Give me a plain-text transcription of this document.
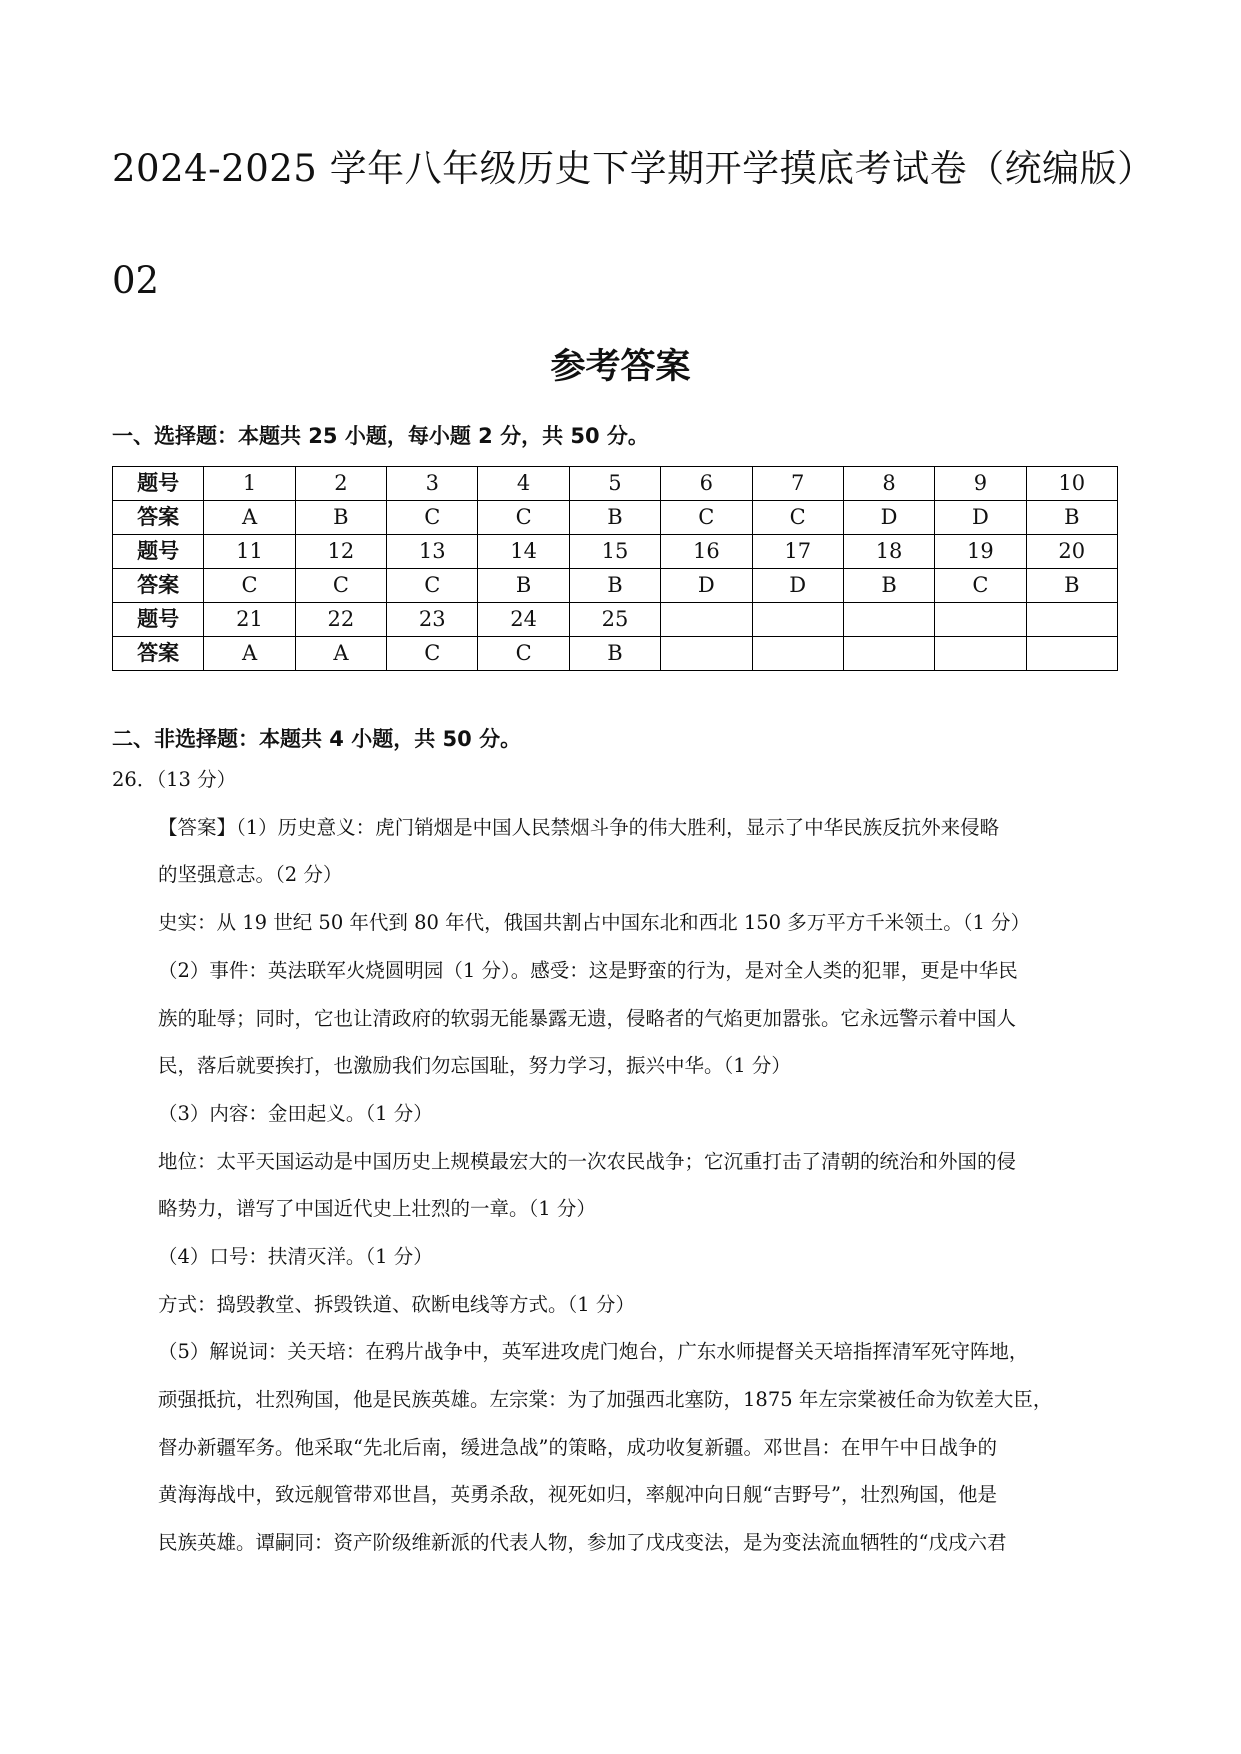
2024-2025 学年八年级历史下学期开学摸底考试卷（统编版）
02
参考答案
一、选择题：本题共 25 小题，每小题 2 分，共 50 分。
题号	1	2	3	4	5	6	7	8	9	10
答案	A	B	C	C	B	C	C	D	D	B
题号	11	12	13	14	15	16	17	18	19	20
答案	C	C	C	B	B	D	D	B	C	B
题号	21	22	23	24	25					
答案	A	A	C	C	B					
二、非选择题：本题共 4 小题，共 50 分。
26．（13 分）
【答案】（1）历史意义：虎门销烟是中国人民禁烟斗争的伟大胜利，显示了中华民族反抗外来侵略
的坚强意志。（2 分）
史实：从 19 世纪 50 年代到 80 年代，俄国共割占中国东北和西北 150 多万平方千米领土。（1 分）
（2）事件：英法联军火烧圆明园（1 分）。感受：这是野蛮的行为，是对全人类的犯罪，更是中华民
族的耻辱；同时，它也让清政府的软弱无能暴露无遗，侵略者的气焰更加嚣张。它永远警示着中国人
民，落后就要挨打，也激励我们勿忘国耻，努力学习，振兴中华。（1 分）
（3）内容：金田起义。（1 分）
地位：太平天国运动是中国历史上规模最宏大的一次农民战争；它沉重打击了清朝的统治和外国的侵
略势力，谱写了中国近代史上壮烈的一章。（1 分）
（4）口号：扶清灭洋。（1 分）
方式：捣毁教堂、拆毁铁道、砍断电线等方式。（1 分）
（5）解说词：关天培：在鸦片战争中，英军进攻虎门炮台，广东水师提督关天培指挥清军死守阵地，
顽强抵抗，壮烈殉国，他是民族英雄。左宗棠：为了加强西北塞防，1875 年左宗棠被任命为钦差大臣，
督办新疆军务。他采取“先北后南，缓进急战”的策略，成功收复新疆。邓世昌：在甲午中日战争的
黄海海战中，致远舰管带邓世昌，英勇杀敌，视死如归，率舰冲向日舰“吉野号”，壮烈殉国，他是
民族英雄。谭嗣同：资产阶级维新派的代表人物，参加了戊戌变法，是为变法流血牺牲的“戊戌六君
